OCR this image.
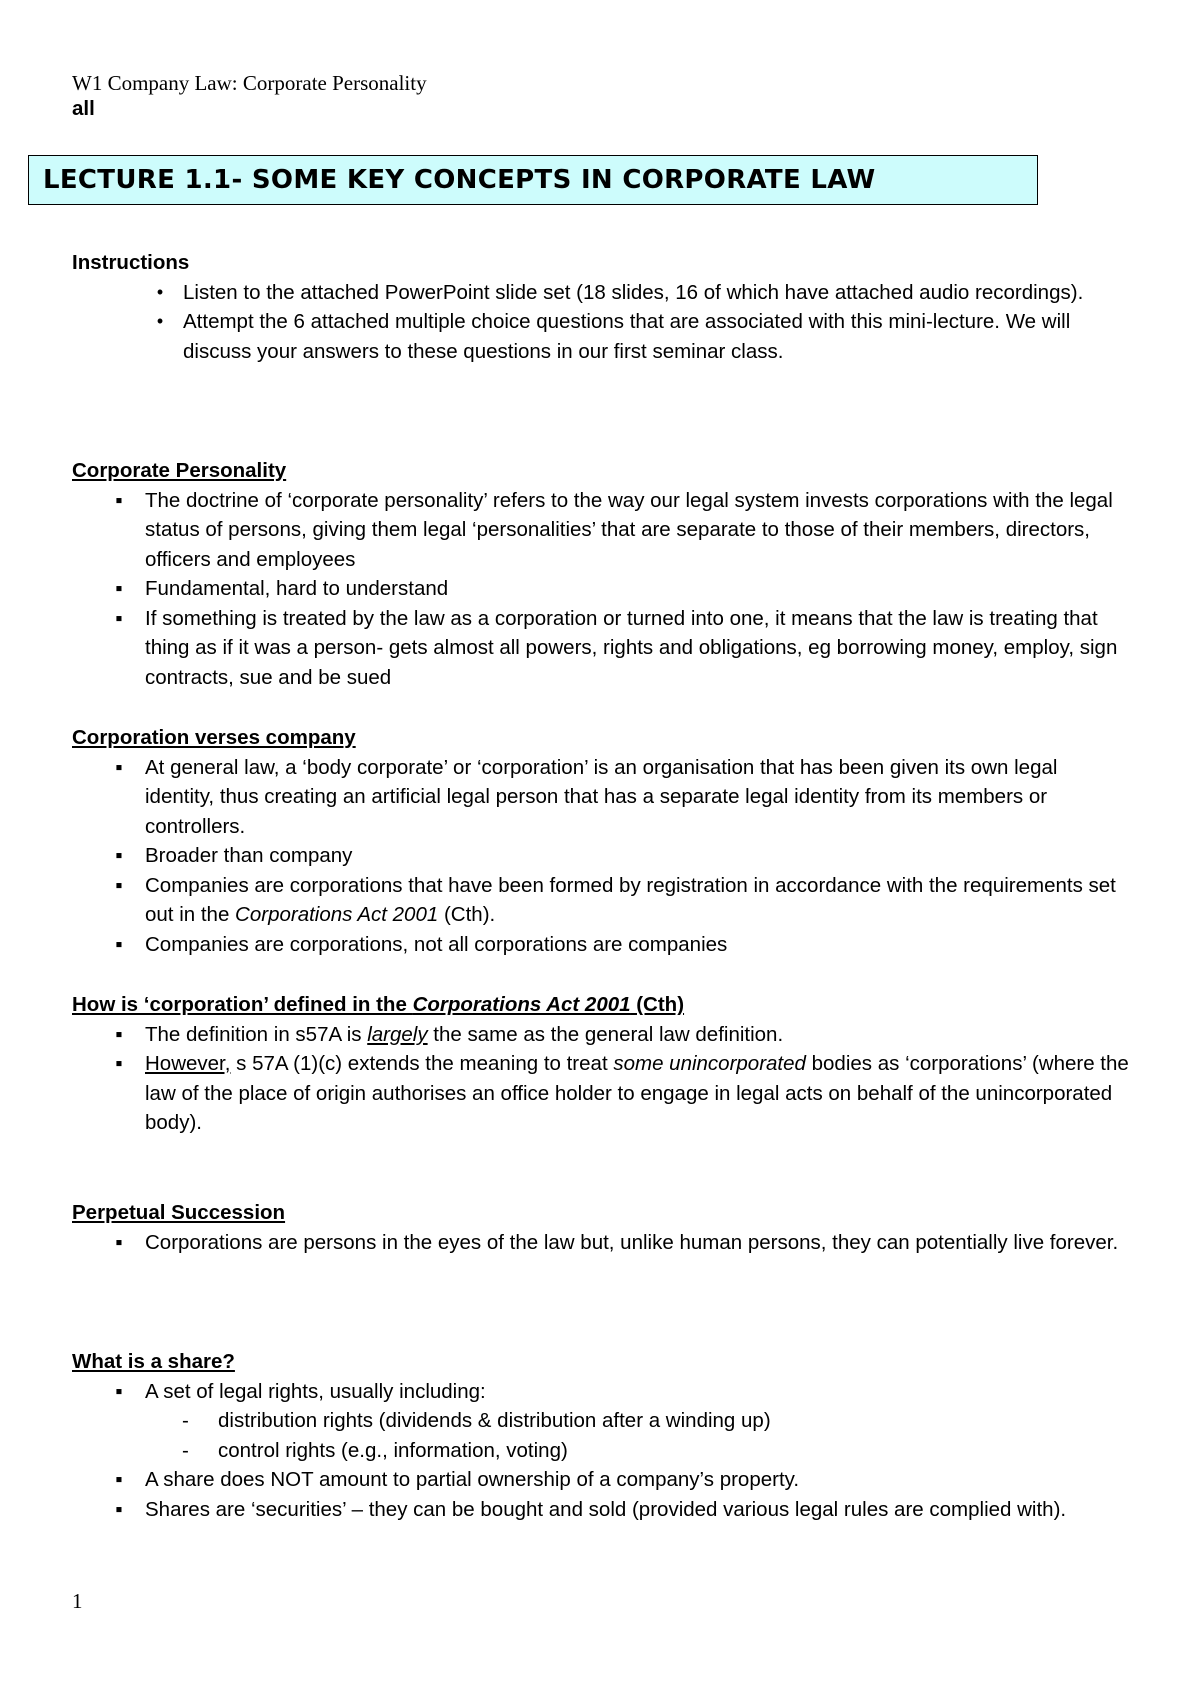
W1 Company Law: Corporate Personality
all
LECTURE 1.1- SOME KEY CONCEPTS IN CORPORATE LAW
Instructions
• Listen to the attached PowerPoint slide set (18 slides, 16 of which have attached audio recordings).
• Attempt the 6 attached multiple choice questions that are associated with this mini-lecture. We will discuss your answers to these questions in our first seminar class.
Corporate Personality
▪	The doctrine of ‘corporate personality’ refers to the way our legal system invests corporations with the legal status of persons, giving them legal ‘personalities’ that are separate to those of their members, directors, officers and employees
▪	Fundamental, hard to understand
▪	If something is treated by the law as a corporation or turned into one, it means that the law is treating that thing as if it was a person- gets almost all powers, rights and obligations, eg borrowing money, employ, sign contracts, sue and be sued
Corporation verses company
▪	At general law, a ‘body corporate’ or ‘corporation’ is an organisation that has been given its own legal identity, thus creating an artificial legal person that has a separate legal identity from its members or controllers.
▪	Broader than company
▪	Companies are corporations that have been formed by registration in accordance with the requirements set out in the Corporations Act 2001 (Cth).
▪	Companies are corporations, not all corporations are companies
How is ‘corporation’ defined in the Corporations Act 2001 (Cth)
▪	The definition in s57A is largely the same as the general law definition.
▪	However, s 57A (1)(c) extends the meaning to treat some unincorporated bodies as ‘corporations’ (where the law of the place of origin authorises an office holder to engage in legal acts on behalf of the unincorporated body).
Perpetual Succession
▪	Corporations are persons in the eyes of the law but, unlike human persons, they can potentially live forever.
What is a share?
▪	A set of legal rights, usually including:
- distribution rights (dividends & distribution after a winding up)
- control rights (e.g., information, voting)
▪	A share does NOT amount to partial ownership of a company’s property.
▪	Shares are ‘securities’ – they can be bought and sold (provided various legal rules are complied with).
1
